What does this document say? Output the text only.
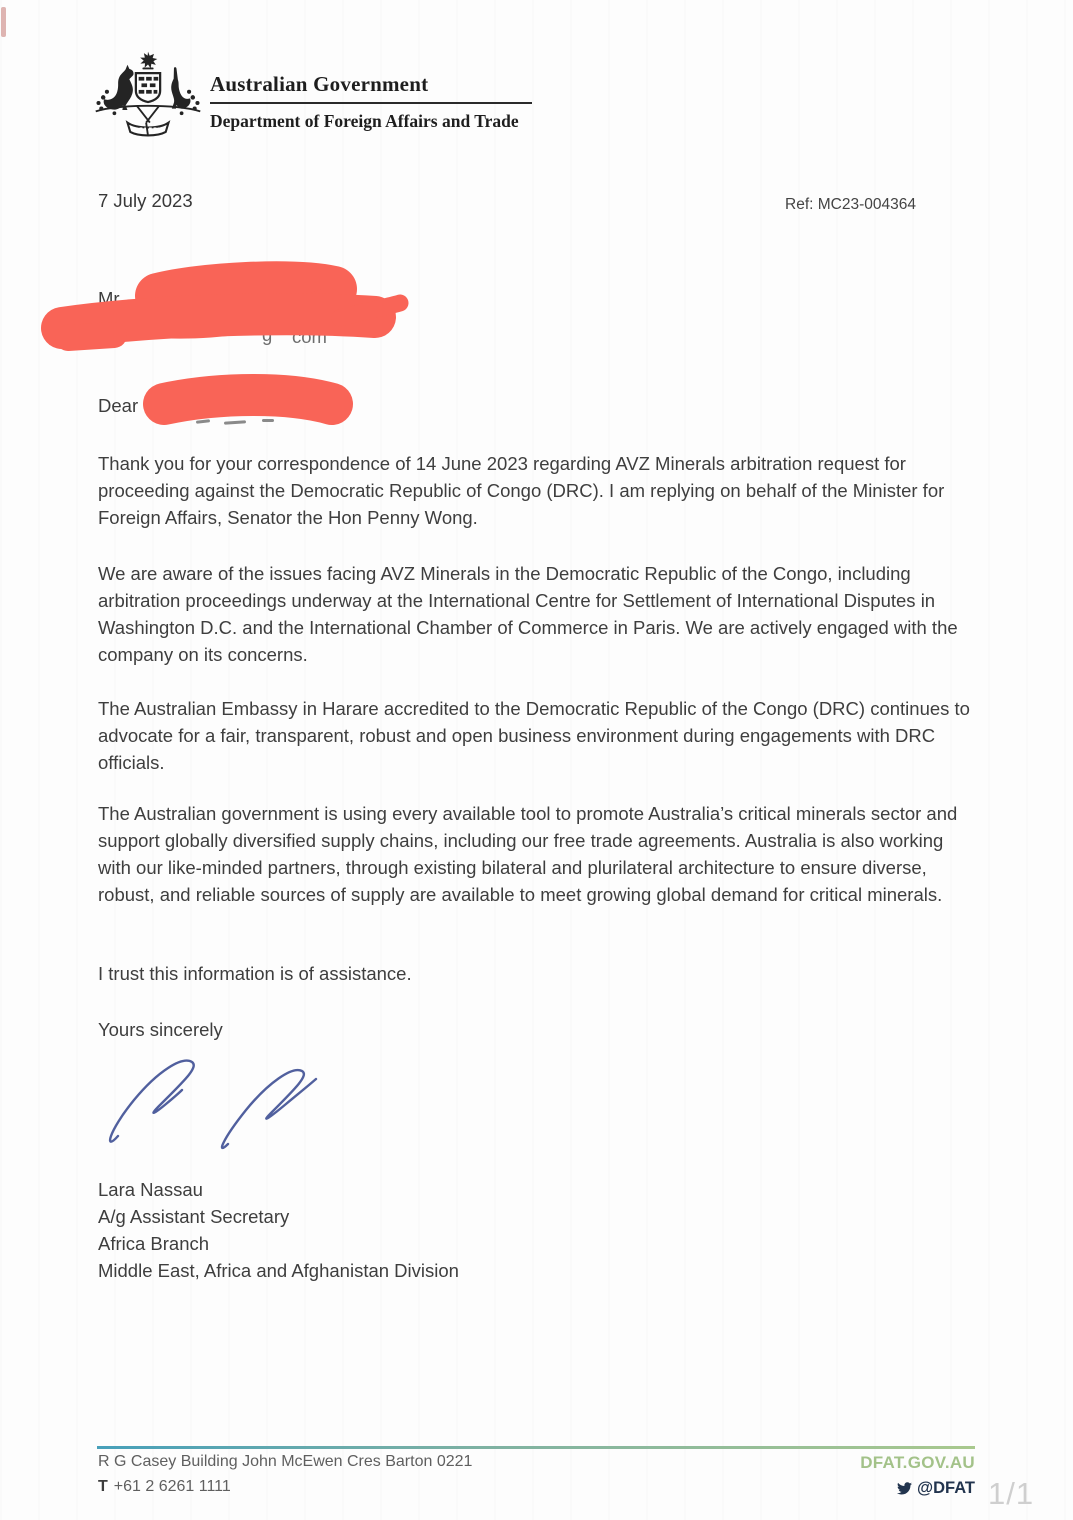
Australian Government
Department of Foreign Affairs and Trade
7 July 2023	Ref: MC23-004364
Mr
g com
Dear

Thank you for your correspondence of 14 June 2023 regarding AVZ Minerals arbitration request for proceeding against the Democratic Republic of Congo (DRC). I am replying on behalf of the Minister for Foreign Affairs, Senator the Hon Penny Wong.

We are aware of the issues facing AVZ Minerals in the Democratic Republic of the Congo, including arbitration proceedings underway at the International Centre for Settlement of International Disputes in Washington D.C. and the International Chamber of Commerce in Paris. We are actively engaged with the company on its concerns.

The Australian Embassy in Harare accredited to the Democratic Republic of the Congo (DRC) continues to advocate for a fair, transparent, robust and open business environment during engagements with DRC officials.

The Australian government is using every available tool to promote Australia’s critical minerals sector and support globally diversified supply chains, including our free trade agreements. Australia is also working with our like-minded partners, through existing bilateral and plurilateral architecture to ensure diverse, robust, and reliable sources of supply are available to meet growing global demand for critical minerals.

I trust this information is of assistance.

Yours sincerely

Lara Nassau
A/g Assistant Secretary
Africa Branch
Middle East, Africa and Afghanistan Division
R G Casey Building John McEwen Cres Barton 0221
T +61 2 6261 1111
DFAT.GOV.AU
@DFAT 1/1
